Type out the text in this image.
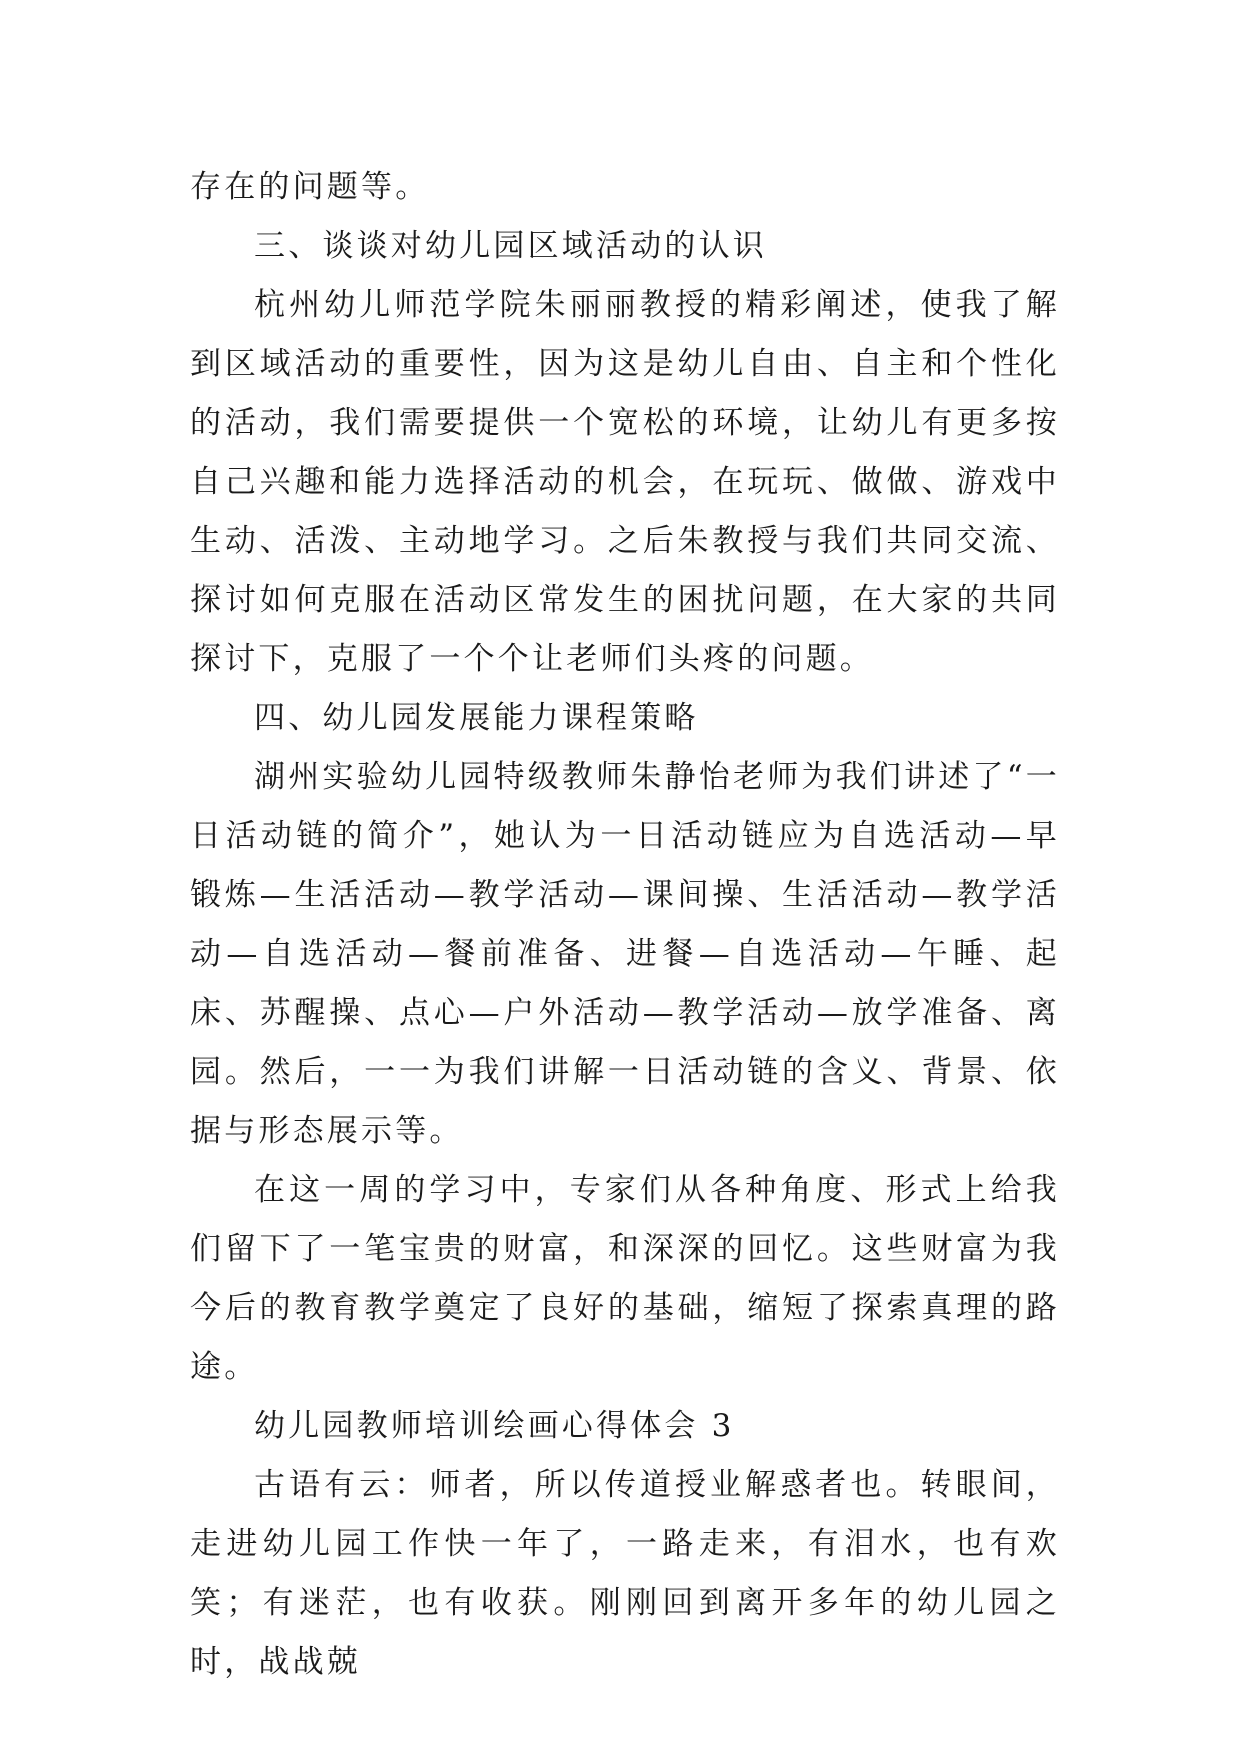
存在的问题等。

三、谈谈对幼儿园区域活动的认识

杭州幼儿师范学院朱丽丽教授的精彩阐述，使我了解到区域活动的重要性，因为这是幼儿自由、自主和个性化的活动，我们需要提供一个宽松的环境，让幼儿有更多按自己兴趣和能力选择活动的机会，在玩玩、做做、游戏中生动、活泼、主动地学习。之后朱教授与我们共同交流、探讨如何克服在活动区常发生的困扰问题，在大家的共同探讨下，克服了一个个让老师们头疼的问题。

四、幼儿园发展能力课程策略

湖州实验幼儿园特级教师朱静怡老师为我们讲述了“一日活动链的简介”，她认为一日活动链应为自选活动—早锻炼—生活活动—教学活动—课间操、生活活动—教学活动—自选活动—餐前准备、进餐—自选活动—午睡、起床、苏醒操、点心—户外活动—教学活动—放学准备、离园。然后，一一为我们讲解一日活动链的含义、背景、依据与形态展示等。

在这一周的学习中，专家们从各种角度、形式上给我们留下了一笔宝贵的财富，和深深的回忆。这些财富为我今后的教育教学奠定了良好的基础，缩短了探索真理的路途。

幼儿园教师培训绘画心得体会 3

古语有云：师者，所以传道授业解惑者也。转眼间，走进幼儿园工作快一年了，一路走来，有泪水，也有欢笑；有迷茫，也有收获。刚刚回到离开多年的幼儿园之时，战战兢
